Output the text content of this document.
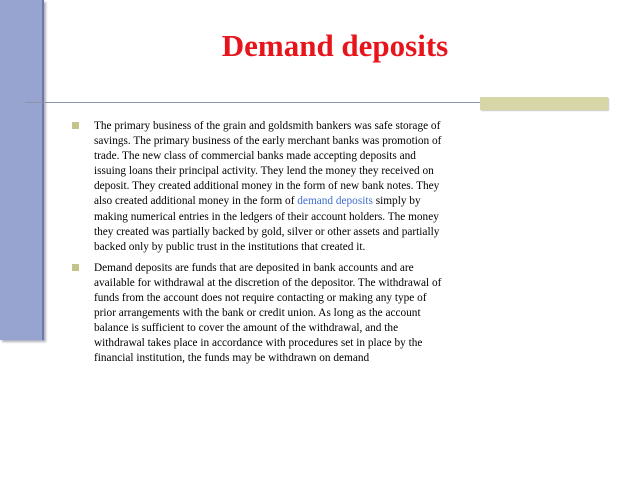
Demand deposits
The primary business of the grain and goldsmith bankers was safe storage of savings. The primary business of the early merchant banks was promotion of trade. The new class of commercial banks made accepting deposits and issuing loans their principal activity. They lend the money they received on deposit. They created additional money in the form of new bank notes. They also created additional money in the form of demand deposits simply by making numerical entries in the ledgers of their account holders. The money they created was partially backed by gold, silver or other assets and partially backed only by public trust in the institutions that created it.
Demand deposits are funds that are deposited in bank accounts and are available for withdrawal at the discretion of the depositor. The withdrawal of funds from the account does not require contacting or making any type of prior arrangements with the bank or credit union. As long as the account balance is sufficient to cover the amount of the withdrawal, and the withdrawal takes place in accordance with procedures set in place by the financial institution, the funds may be withdrawn on demand
